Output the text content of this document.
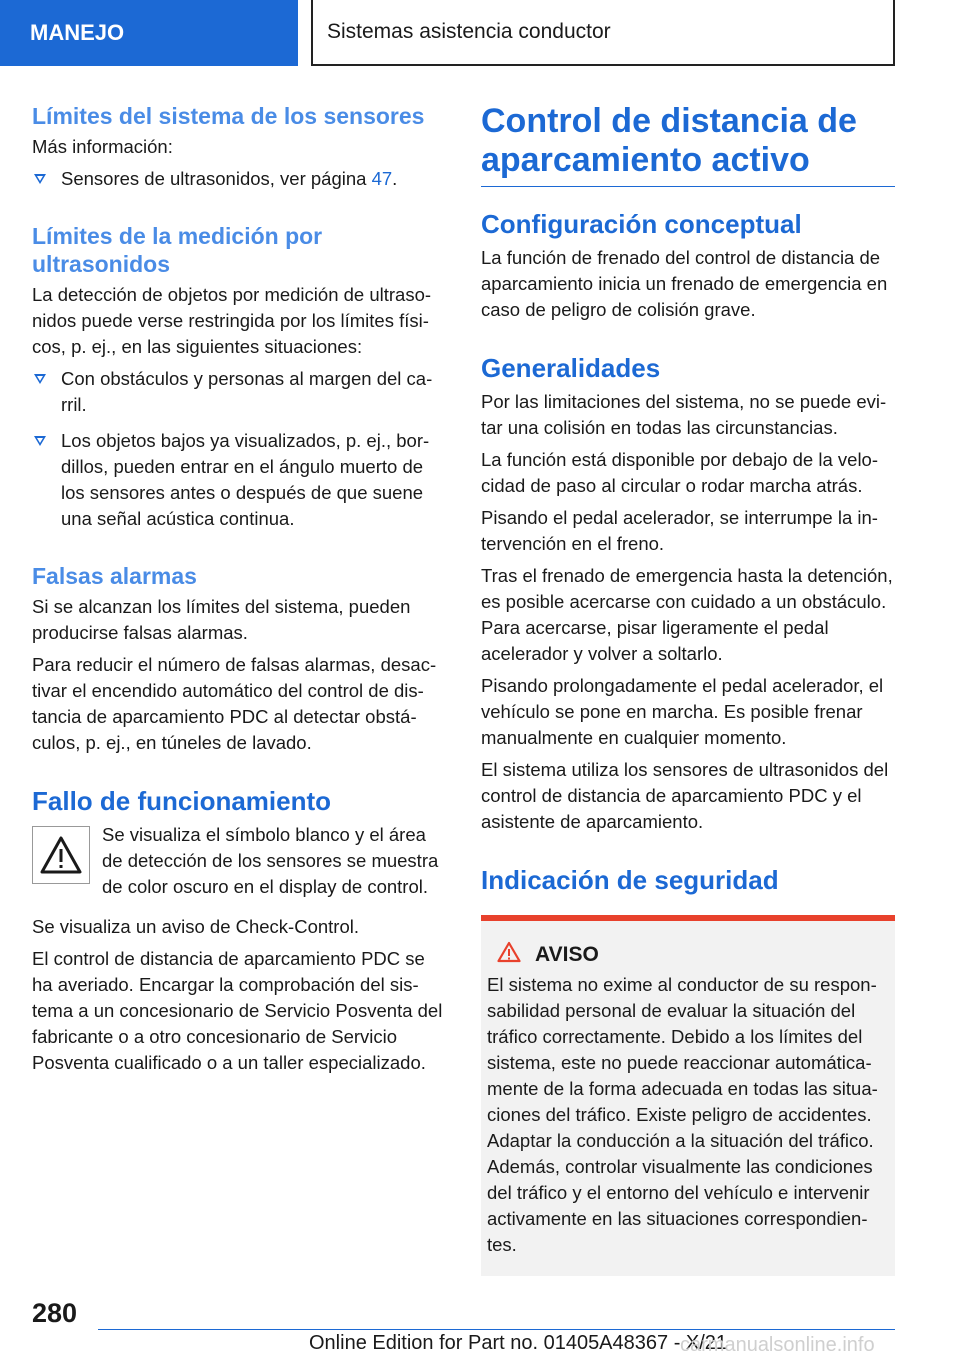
MANEJO	Sistemas asistencia conductor
Límites del sistema de los sensores
Más información:
Sensores de ultrasonidos, ver página 47.
Límites de la medición por ultrasonidos
La detección de objetos por medición de ultrasonidos puede verse restringida por los límites físicos, p. ej., en las siguientes situaciones:
Con obstáculos y personas al margen del carril.
Los objetos bajos ya visualizados, p. ej., bordillos, pueden entrar en el ángulo muerto de los sensores antes o después de que suene una señal acústica continua.
Falsas alarmas
Si se alcanzan los límites del sistema, pueden producirse falsas alarmas.
Para reducir el número de falsas alarmas, desactivar el encendido automático del control de distancia de aparcamiento PDC al detectar obstáculos, p. ej., en túneles de lavado.
Fallo de funcionamiento
Se visualiza el símbolo blanco y el área de detección de los sensores se muestra de color oscuro en el display de control.
Se visualiza un aviso de Check-Control.
El control de distancia de aparcamiento PDC se ha averiado. Encargar la comprobación del sistema a un concesionario de Servicio Posventa del fabricante o a otro concesionario de Servicio Posventa cualificado o a un taller especializado.
Control de distancia de aparcamiento activo
Configuración conceptual
La función de frenado del control de distancia de aparcamiento inicia un frenado de emergencia en caso de peligro de colisión grave.
Generalidades
Por las limitaciones del sistema, no se puede evitar una colisión en todas las circunstancias.
La función está disponible por debajo de la velocidad de paso al circular o rodar marcha atrás.
Pisando el pedal acelerador, se interrumpe la intervención en el freno.
Tras el frenado de emergencia hasta la detención, es posible acercarse con cuidado a un obstáculo. Para acercarse, pisar ligeramente el pedal acelerador y volver a soltarlo.
Pisando prolongadamente el pedal acelerador, el vehículo se pone en marcha. Es posible frenar manualmente en cualquier momento.
El sistema utiliza los sensores de ultrasonidos del control de distancia de aparcamiento PDC y el asistente de aparcamiento.
Indicación de seguridad
AVISO
El sistema no exime al conductor de su responsabilidad personal de evaluar la situación del tráfico correctamente. Debido a los límites del sistema, este no puede reaccionar automáticamente de la forma adecuada en todas las situaciones del tráfico. Existe peligro de accidentes. Adaptar la conducción a la situación del tráfico. Además, controlar visualmente las condiciones del tráfico y el entorno del vehículo e intervenir activamente en las situaciones correspondientes.
280
Online Edition for Part no. 01405A48367 - X/21
carmanualsonline.info
